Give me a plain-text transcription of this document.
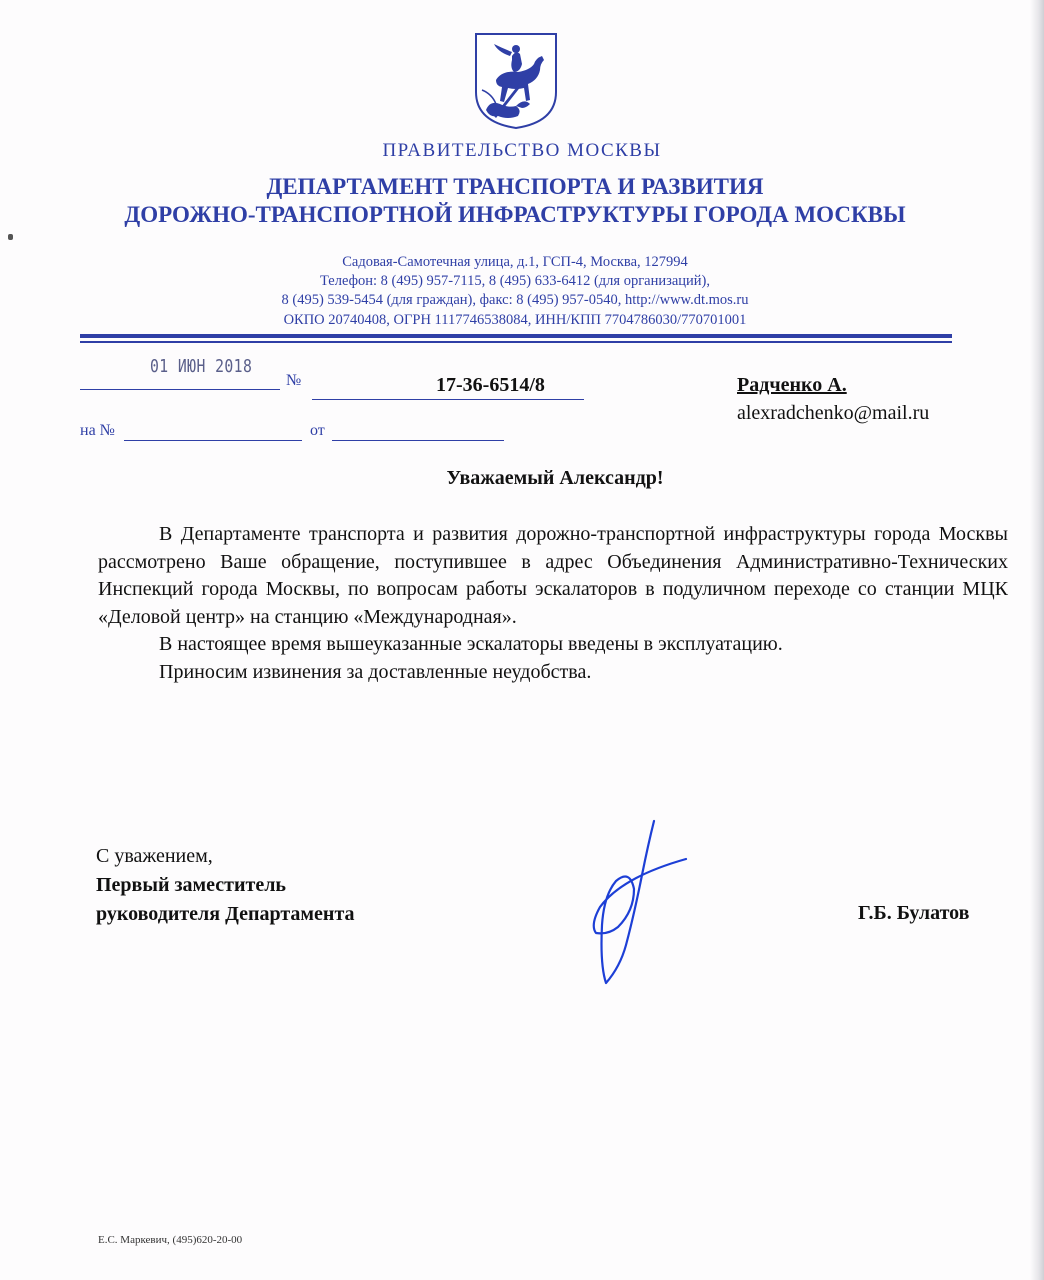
ПРАВИТЕЛЬСТВО МОСКВЫ
ДЕПАРТАМЕНТ ТРАНСПОРТА И РАЗВИТИЯ
ДОРОЖНО-ТРАНСПОРТНОЙ ИНФРАСТРУКТУРЫ ГОРОДА МОСКВЫ
Садовая-Самотечная улица, д.1, ГСП-4, Москва, 127994
Телефон: 8 (495) 957-7115, 8 (495) 633-6412 (для организаций),
8 (495) 539-5454 (для граждан), факс: 8 (495) 957-0540, http://www.dt.mos.ru
ОКПО 20740408, ОГРН 1117746538084, ИНН/КПП 7704786030/770701001
01 ИЮН 2018
№	17-36-6514/8
на №	от
Радченко А.
alexradchenko@mail.ru
Уважаемый Александр!

В Департаменте транспорта и развития дорожно-транспортной инфраструктуры города Москвы рассмотрено Ваше обращение, поступившее в адрес Объединения Административно-Технических Инспекций города Москвы, по вопросам работы эскалаторов в подуличном переходе со станции МЦК «Деловой центр» на станцию «Международная».

В настоящее время вышеуказанные эскалаторы введены в эксплуатацию.

Приносим извинения за доставленные неудобства.

С уважением,
Первый заместитель
руководителя Департамента	Г.Б. Булатов
Е.С. Маркевич, (495)620-20-00
